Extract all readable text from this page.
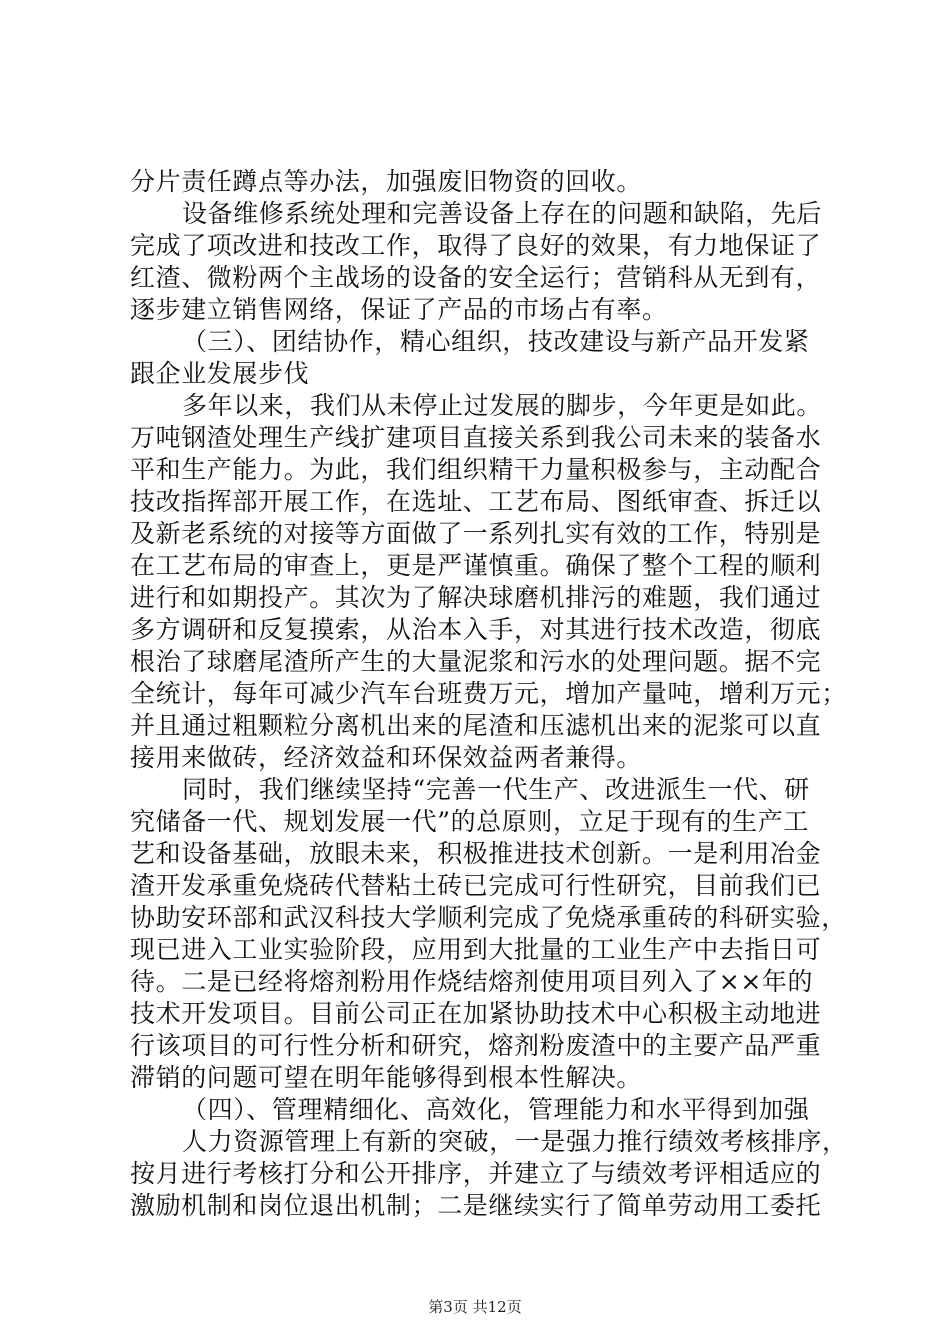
分片责任蹲点等办法，加强废旧物资的回收。
设备维修系统处理和完善设备上存在的问题和缺陷，先后
完成了项改进和技改工作，取得了良好的效果，有力地保证了
红渣、微粉两个主战场的设备的安全运行；营销科从无到有，
逐步建立销售网络，保证了产品的市场占有率。
（三）、团结协作，精心组织，技改建设与新产品开发紧
跟企业发展步伐
多年以来，我们从未停止过发展的脚步，今年更是如此。
万吨钢渣处理生产线扩建项目直接关系到我公司未来的装备水
平和生产能力。为此，我们组织精干力量积极参与，主动配合
技改指挥部开展工作，在选址、工艺布局、图纸审查、拆迁以
及新老系统的对接等方面做了一系列扎实有效的工作，特别是
在工艺布局的审查上，更是严谨慎重。确保了整个工程的顺利
进行和如期投产。其次为了解决球磨机排污的难题，我们通过
多方调研和反复摸索，从治本入手，对其进行技术改造，彻底
根治了球磨尾渣所产生的大量泥浆和污水的处理问题。据不完
全统计，每年可减少汽车台班费万元，增加产量吨，增利万元；
并且通过粗颗粒分离机出来的尾渣和压滤机出来的泥浆可以直
接用来做砖，经济效益和环保效益两者兼得。
同时，我们继续坚持“完善一代生产、改进派生一代、研
究储备一代、规划发展一代”的总原则，立足于现有的生产工
艺和设备基础，放眼未来，积极推进技术创新。一是利用冶金
渣开发承重免烧砖代替粘土砖已完成可行性研究，目前我们已
协助安环部和武汉科技大学顺利完成了免烧承重砖的科研实验，
现已进入工业实验阶段，应用到大批量的工业生产中去指日可
待。二是已经将熔剂粉用作烧结熔剂使用项目列入了××年的
技术开发项目。目前公司正在加紧协助技术中心积极主动地进
行该项目的可行性分析和研究，熔剂粉废渣中的主要产品严重
滞销的问题可望在明年能够得到根本性解决。
（四）、管理精细化、高效化，管理能力和水平得到加强
人力资源管理上有新的突破，一是强力推行绩效考核排序，
按月进行考核打分和公开排序，并建立了与绩效考评相适应的
激励机制和岗位退出机制；二是继续实行了简单劳动用工委托
第3页 共12页
